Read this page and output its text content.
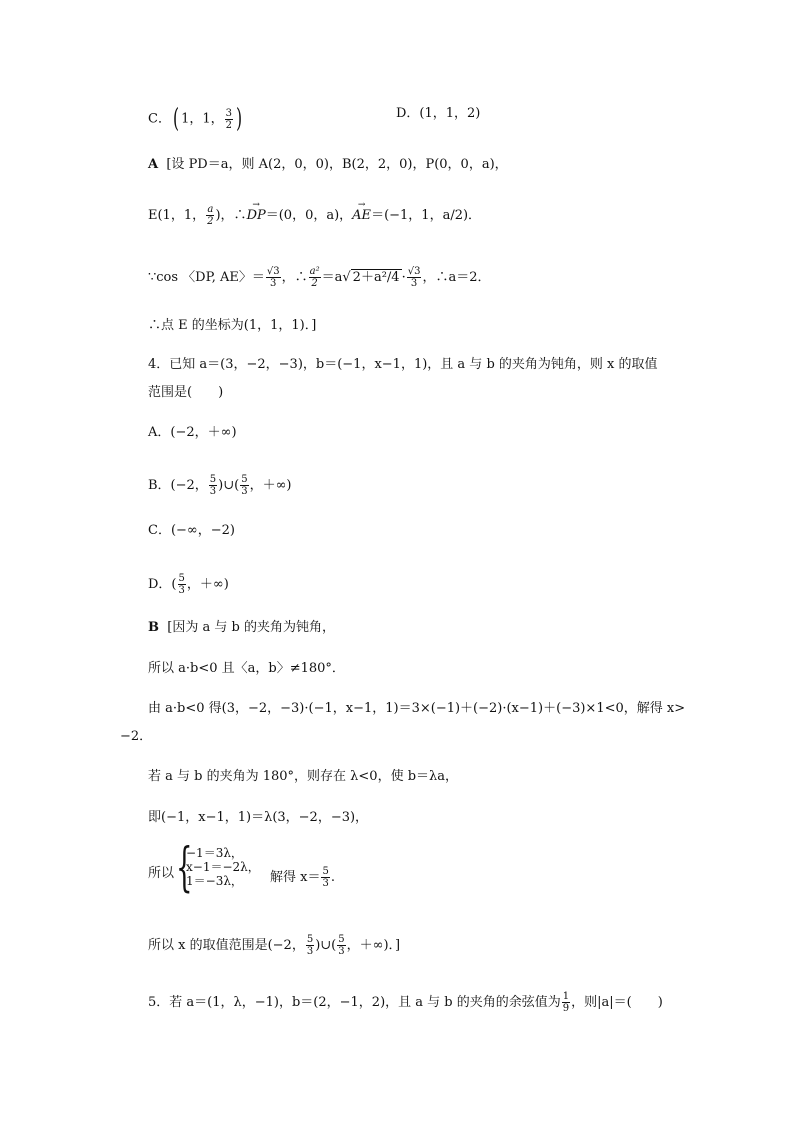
C．( 1，1， $\frac{3}{2}$ )	D．(1，1，2)
A [设 PD＝a，则 A(2，0，0)，B(2，2，0)，P(0，0，a)，
E(1，1， $\frac{a}{2}$ )，∴→ DP＝(0，0，a)，→ AE＝(−1，1，a/2)．
∵cos 〈DP, AE〉＝ $\frac{√3}{3}$ ，∴ $\frac{\text{a²}}{2} =a√$ $2+a^2/4 \cdot \frac{√3}{3}$ ，∴a＝2．
∴点 E 的坐标为(1，1，1)．]
4．已知 a＝(3，−2，−3)，b＝(−1，x−1，1)，且 a 与 b 的夹角为钝角，则 x 的取值
范围是(　　)
A．(−2，＋∞)
B．(−2， $\frac{5}{3}$ )∪( $\frac{5}{3}$ ，＋∞)
C．(−∞，−2)
D．( $\frac{5}{3}$ ，＋∞)
B [因为 a 与 b 的夹角为钝角，
所以 a·b<0 且〈a，b〉≠180°．
由 a·b<0 得(3，−2，−3)·(−1，x−1，1)＝3×(−1)＋(−2)·(x−1)＋(−3)×1<0，解得 x>
−2．
若 a 与 b 的夹角为 180°，则存在 λ<0，使 b＝λa，
即(−1，x−1，1)＝λ(3，−2，−3)，
所以 {
−1＝3λ，
x−1＝−2λ，
1＝−3λ，	解得 $x= \frac{5}{3}$ .
所以 x 的取值范围是(−2， $\frac{5}{3}$ )∪( $\frac{5}{3}$ ，＋∞)．]
5．若 a＝(1，λ，−1)，b＝(2，−1，2)，且 a 与 b 的夹角的余弦值为 $\frac{1}{9}$ ，则|a|＝(　　)
